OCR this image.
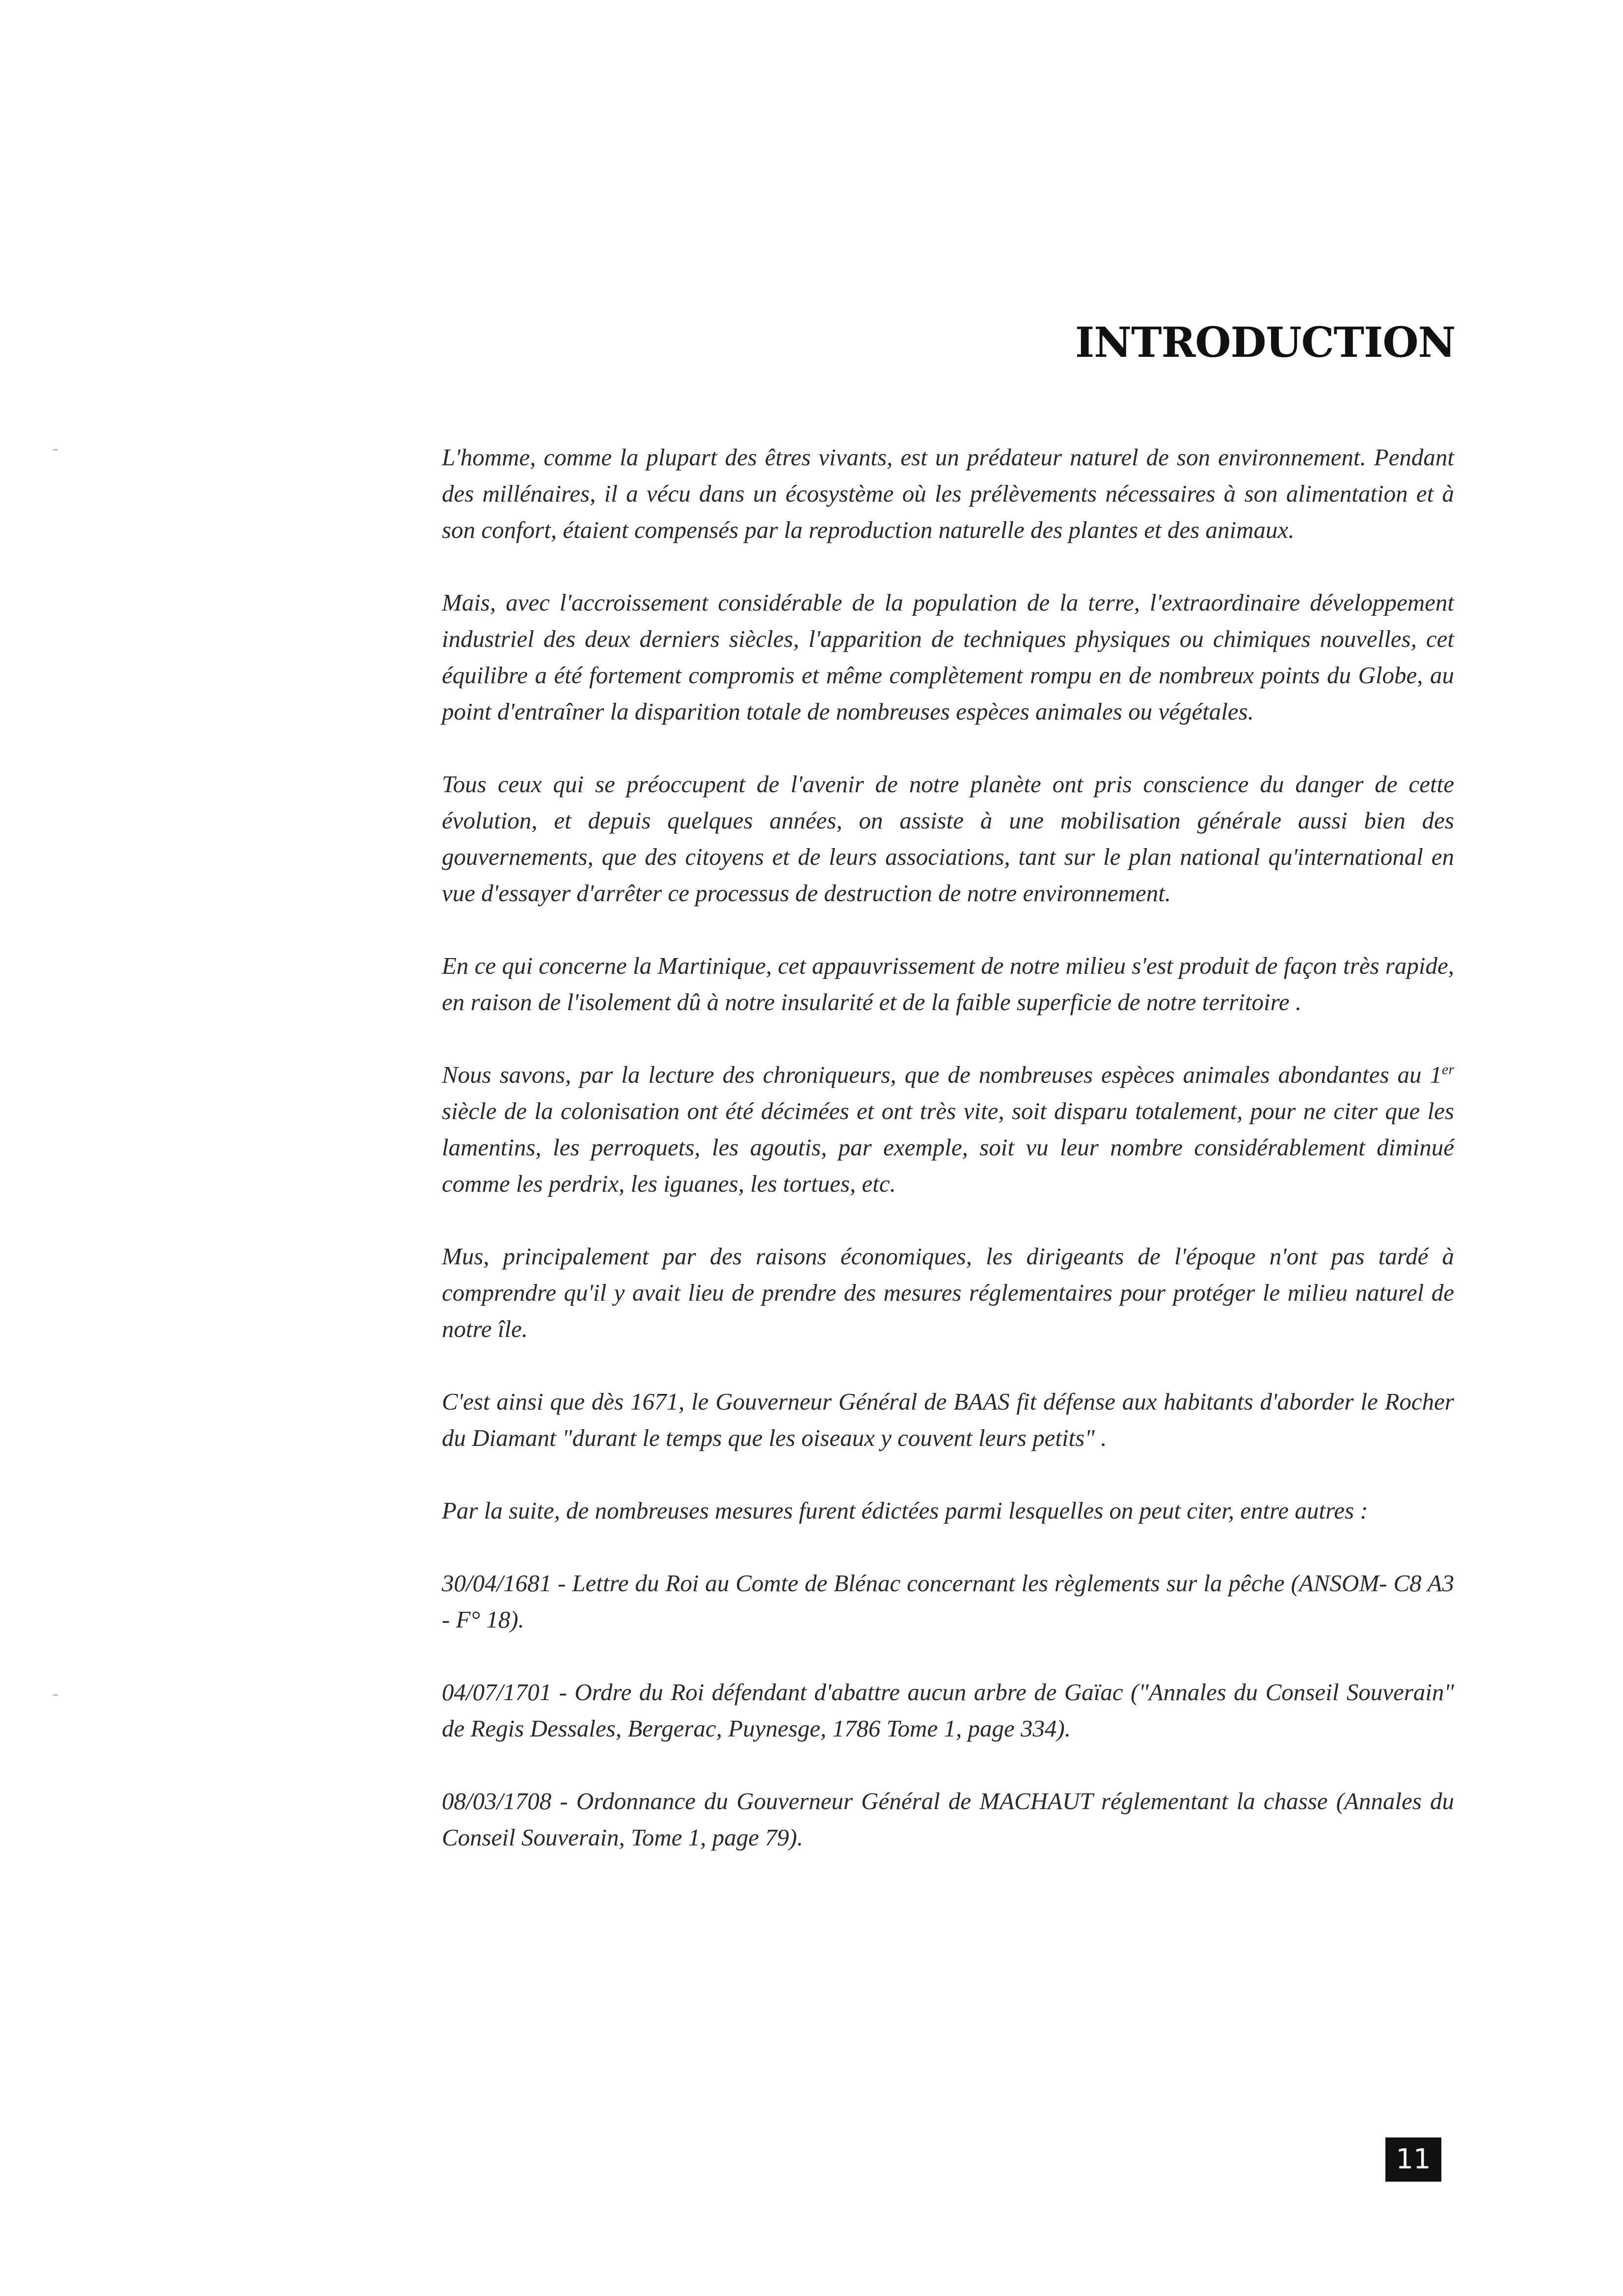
INTRODUCTION

L'homme, comme la plupart des êtres vivants, est un prédateur naturel de son environnement. Pendant des millénaires, il a vécu dans un écosystème où les prélèvements nécessaires à son alimentation et à son confort, étaient compensés par la reproduction naturelle des plantes et des animaux.

Mais, avec l'accroissement considérable de la population de la terre, l'extraordinaire développement industriel des deux derniers siècles, l'apparition de techniques physiques ou chimiques nouvelles, cet équilibre a été fortement compromis et même complètement rompu en de nombreux points du Globe, au point d'entraîner la disparition totale de nombreuses espèces animales ou végétales.

Tous ceux qui se préoccupent de l'avenir de notre planète ont pris conscience du danger de cette évolution, et depuis quelques années, on assiste à une mobilisation générale aussi bien des gouvernements, que des citoyens et de leurs associations, tant sur le plan national qu'international en vue d'essayer d'arrêter ce processus de destruction de notre environnement.

En ce qui concerne la Martinique, cet appauvrissement de notre milieu s'est produit de façon très rapide, en raison de l'isolement dû à notre insularité et de la faible superficie de notre territoire .

Nous savons, par la lecture des chroniqueurs, que de nombreuses espèces animales abondantes au 1er siècle de la colonisation ont été décimées et ont très vite, soit disparu totalement, pour ne citer que les lamentins, les perroquets, les agoutis, par exemple, soit vu leur nombre considérablement diminué comme les perdrix, les iguanes, les tortues, etc.

Mus, principalement par des raisons économiques, les dirigeants de l'époque n'ont pas tardé à comprendre qu'il y avait lieu de prendre des mesures réglementaires pour protéger le milieu naturel de notre île.

C'est ainsi que dès 1671, le Gouverneur Général de BAAS fit défense aux habitants d'aborder le Rocher du Diamant "durant le temps que les oiseaux y couvent leurs petits" .

Par la suite, de nombreuses mesures furent édictées parmi lesquelles on peut citer, entre autres :

30/04/1681 - Lettre du Roi au Comte de Blénac concernant les règlements sur la pêche (ANSOM- C8 A3 - F° 18).

04/07/1701 - Ordre du Roi défendant d'abattre aucun arbre de Gaïac ("Annales du Conseil Souverain" de Regis Dessales, Bergerac, Puynesge, 1786 Tome 1, page 334).

08/03/1708 - Ordonnance du Gouverneur Général de MACHAUT réglementant la chasse (Annales du Conseil Souverain, Tome 1, page 79).

11
